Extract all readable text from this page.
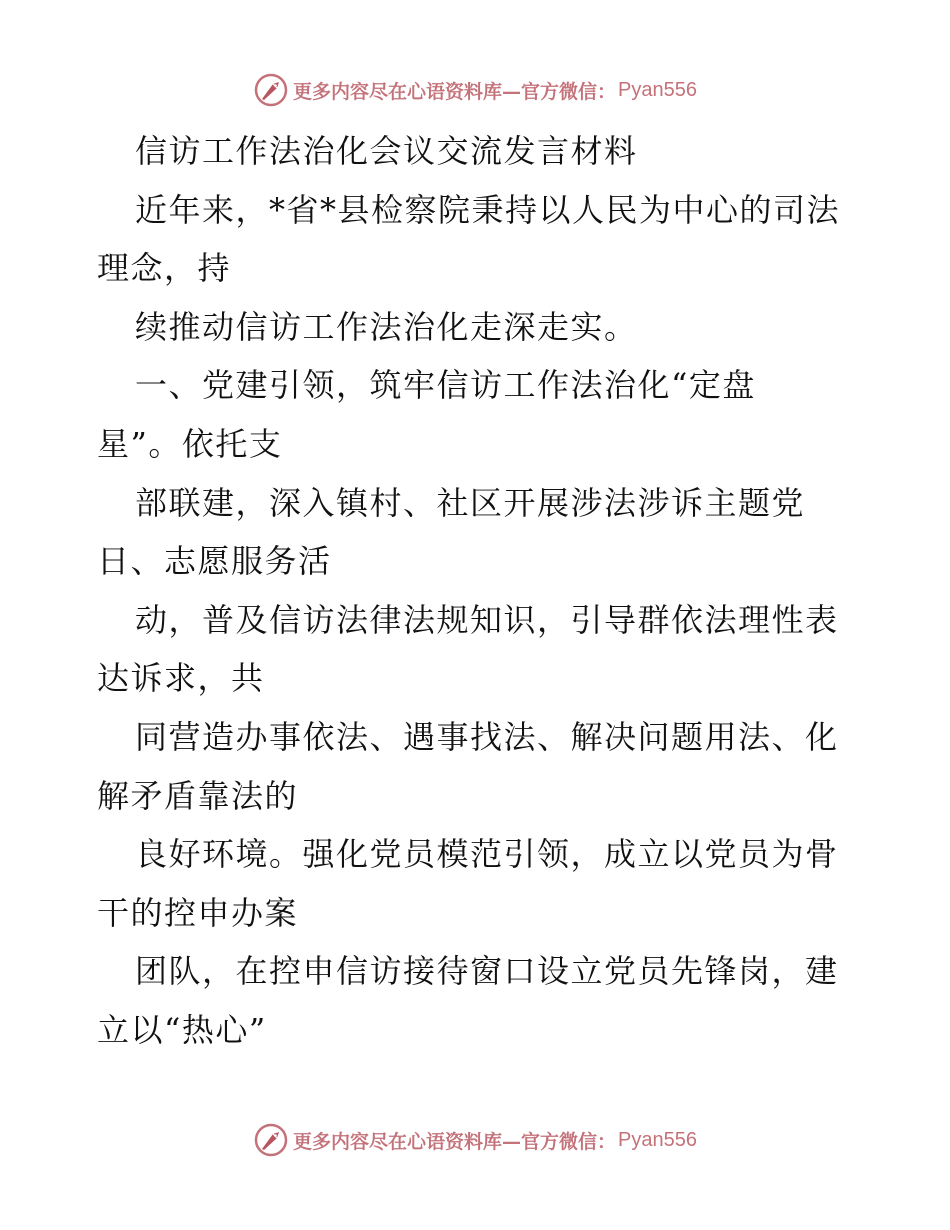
更多内容尽在心语资料库—官方微信： Pyan556
信访工作法治化会议交流发言材料
近年来，*省*县检察院秉持以人民为中心的司法
理念，持
续推动信访工作法治化走深走实。
一、党建引领，筑牢信访工作法治化“定盘
星”。依托支
部联建，深入镇村、社区开展涉法涉诉主题党
日、志愿服务活
动，普及信访法律法规知识，引导群依法理性表
达诉求，共
同营造办事依法、遇事找法、解决问题用法、化
解矛盾靠法的
良好环境。强化党员模范引领，成立以党员为骨
干的控申办案
团队，在控申信访接待窗口设立党员先锋岗，建
立以“热心”
更多内容尽在心语资料库—官方微信： Pyan556
